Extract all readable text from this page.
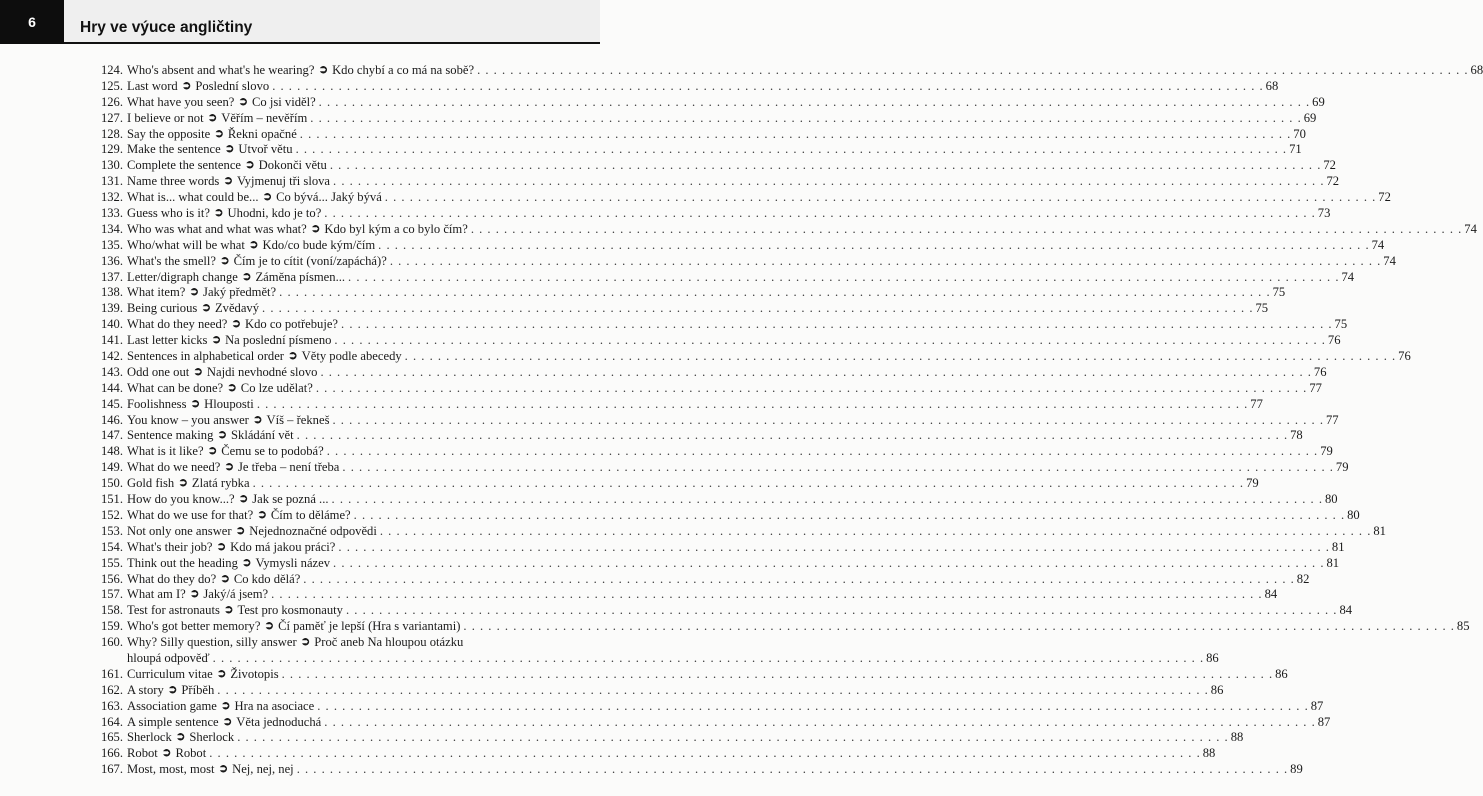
6	Hry ve výuce angličtiny
124. Who's absent and what's he wearing? ➲ Kdo chybí a co má na sobě? . . . . . . . . . . . . . . . . . . . . . . . . . . . . . . . . . . . . . . . . . . . . . . . . . . . . . . . . . . . . . . . . . . . . . . . . . . . . . . . . . . . . . . . . . . . . . . . . . . . . . . . . . . . . . . . . . . . . . . . . 68
125. Last word ➲ Poslední slovo . . . . . . . . . . . . . . . . . . . . . . . . . . . . . . . . . . . . . . . . . . . . . . . . . . . . . . . . . . . . . . . . . . . . . . . . . . . . . . . . . . . . . . . . . . . . . . . . . . . . . . . . . . . . . . . . . . . . . . . . 68
126. What have you seen? ➲ Co jsi viděl? . . . . . . . . . . . . . . . . . . . . . . . . . . . . . . . . . . . . . . . . . . . . . . . . . . . . . . . . . . . . . . . . . . . . . . . . . . . . . . . . . . . . . . . . . . . . . . . . . . . . . . . . . . . . . . . . . . . . . . . . 69
127. I believe or not ➲ Věřím – nevěřím . . . . . . . . . . . . . . . . . . . . . . . . . . . . . . . . . . . . . . . . . . . . . . . . . . . . . . . . . . . . . . . . . . . . . . . . . . . . . . . . . . . . . . . . . . . . . . . . . . . . . . . . . . . . . . . . . . . . . . . . 69
128. Say the opposite ➲ Řekni opačné . . . . . . . . . . . . . . . . . . . . . . . . . . . . . . . . . . . . . . . . . . . . . . . . . . . . . . . . . . . . . . . . . . . . . . . . . . . . . . . . . . . . . . . . . . . . . . . . . . . . . . . . . . . . . . . . . . . . . . . . 70
129. Make the sentence ➲ Utvoř větu . . . . . . . . . . . . . . . . . . . . . . . . . . . . . . . . . . . . . . . . . . . . . . . . . . . . . . . . . . . . . . . . . . . . . . . . . . . . . . . . . . . . . . . . . . . . . . . . . . . . . . . . . . . . . . . . . . . . . . . . 71
130. Complete the sentence ➲ Dokonči větu . . . . . . . . . . . . . . . . . . . . . . . . . . . . . . . . . . . . . . . . . . . . . . . . . . . . . . . . . . . . . . . . . . . . . . . . . . . . . . . . . . . . . . . . . . . . . . . . . . . . . . . . . . . . . . . . . . . . . . . . 72
131. Name three words ➲ Vyjmenuj tři slova . . . . . . . . . . . . . . . . . . . . . . . . . . . . . . . . . . . . . . . . . . . . . . . . . . . . . . . . . . . . . . . . . . . . . . . . . . . . . . . . . . . . . . . . . . . . . . . . . . . . . . . . . . . . . . . . . . . . . . . . 72
132. What is... what could be... ➲ Co bývá... Jaký bývá . . . . . . . . . . . . . . . . . . . . . . . . . . . . . . . . . . . . . . . . . . . . . . . . . . . . . . . . . . . . . . . . . . . . . . . . . . . . . . . . . . . . . . . . . . . . . . . . . . . . . . . . . . . . . . . . . . . . . . . . 72
133. Guess who is it? ➲ Uhodni, kdo je to? . . . . . . . . . . . . . . . . . . . . . . . . . . . . . . . . . . . . . . . . . . . . . . . . . . . . . . . . . . . . . . . . . . . . . . . . . . . . . . . . . . . . . . . . . . . . . . . . . . . . . . . . . . . . . . . . . . . . . . . . 73
134. Who was what and what was what? ➲ Kdo byl kým a co bylo čím? . . . . . . . . . . . . . . . . . . . . . . . . . . . . . . . . . . . . . . . . . . . . . . . . . . . . . . . . . . . . . . . . . . . . . . . . . . . . . . . . . . . . . . . . . . . . . . . . . . . . . . . . . . . . . . . . . . . . . . . . 74
135. Who/what will be what ➲ Kdo/co bude kým/čím . . . . . . . . . . . . . . . . . . . . . . . . . . . . . . . . . . . . . . . . . . . . . . . . . . . . . . . . . . . . . . . . . . . . . . . . . . . . . . . . . . . . . . . . . . . . . . . . . . . . . . . . . . . . . . . . . . . . . . . . 74
136. What's the smell? ➲ Čím je to cítit (voní/zapáchá)? . . . . . . . . . . . . . . . . . . . . . . . . . . . . . . . . . . . . . . . . . . . . . . . . . . . . . . . . . . . . . . . . . . . . . . . . . . . . . . . . . . . . . . . . . . . . . . . . . . . . . . . . . . . . . . . . . . . . . . . . 74
137. Letter/digraph change ➲ Záměna písmen... . . . . . . . . . . . . . . . . . . . . . . . . . . . . . . . . . . . . . . . . . . . . . . . . . . . . . . . . . . . . . . . . . . . . . . . . . . . . . . . . . . . . . . . . . . . . . . . . . . . . . . . . . . . . . . . . . . . . . . . . 74
138. What item? ➲ Jaký předmět? . . . . . . . . . . . . . . . . . . . . . . . . . . . . . . . . . . . . . . . . . . . . . . . . . . . . . . . . . . . . . . . . . . . . . . . . . . . . . . . . . . . . . . . . . . . . . . . . . . . . . . . . . . . . . . . . . . . . . . . . 75
139. Being curious ➲ Zvědavý . . . . . . . . . . . . . . . . . . . . . . . . . . . . . . . . . . . . . . . . . . . . . . . . . . . . . . . . . . . . . . . . . . . . . . . . . . . . . . . . . . . . . . . . . . . . . . . . . . . . . . . . . . . . . . . . . . . . . . . . 75
140. What do they need? ➲ Kdo co potřebuje? . . . . . . . . . . . . . . . . . . . . . . . . . . . . . . . . . . . . . . . . . . . . . . . . . . . . . . . . . . . . . . . . . . . . . . . . . . . . . . . . . . . . . . . . . . . . . . . . . . . . . . . . . . . . . . . . . . . . . . . . 75
141. Last letter kicks ➲ Na poslední písmeno . . . . . . . . . . . . . . . . . . . . . . . . . . . . . . . . . . . . . . . . . . . . . . . . . . . . . . . . . . . . . . . . . . . . . . . . . . . . . . . . . . . . . . . . . . . . . . . . . . . . . . . . . . . . . . . . . . . . . . . . 76
142. Sentences in alphabetical order ➲ Věty podle abecedy . . . . . . . . . . . . . . . . . . . . . . . . . . . . . . . . . . . . . . . . . . . . . . . . . . . . . . . . . . . . . . . . . . . . . . . . . . . . . . . . . . . . . . . . . . . . . . . . . . . . . . . . . . . . . . . . . . . . . . . . 76
143. Odd one out ➲ Najdi nevhodné slovo . . . . . . . . . . . . . . . . . . . . . . . . . . . . . . . . . . . . . . . . . . . . . . . . . . . . . . . . . . . . . . . . . . . . . . . . . . . . . . . . . . . . . . . . . . . . . . . . . . . . . . . . . . . . . . . . . . . . . . . . 76
144. What can be done? ➲ Co lze udělat? . . . . . . . . . . . . . . . . . . . . . . . . . . . . . . . . . . . . . . . . . . . . . . . . . . . . . . . . . . . . . . . . . . . . . . . . . . . . . . . . . . . . . . . . . . . . . . . . . . . . . . . . . . . . . . . . . . . . . . . . 77
145. Foolishness ➲ Hlouposti . . . . . . . . . . . . . . . . . . . . . . . . . . . . . . . . . . . . . . . . . . . . . . . . . . . . . . . . . . . . . . . . . . . . . . . . . . . . . . . . . . . . . . . . . . . . . . . . . . . . . . . . . . . . . . . . . . . . . . . . 77
146. You know – you answer ➲ Víš – řekneš . . . . . . . . . . . . . . . . . . . . . . . . . . . . . . . . . . . . . . . . . . . . . . . . . . . . . . . . . . . . . . . . . . . . . . . . . . . . . . . . . . . . . . . . . . . . . . . . . . . . . . . . . . . . . . . . . . . . . . . . 77
147. Sentence making ➲ Skládání vět . . . . . . . . . . . . . . . . . . . . . . . . . . . . . . . . . . . . . . . . . . . . . . . . . . . . . . . . . . . . . . . . . . . . . . . . . . . . . . . . . . . . . . . . . . . . . . . . . . . . . . . . . . . . . . . . . . . . . . . . 78
148. What is it like? ➲ Čemu se to podobá? . . . . . . . . . . . . . . . . . . . . . . . . . . . . . . . . . . . . . . . . . . . . . . . . . . . . . . . . . . . . . . . . . . . . . . . . . . . . . . . . . . . . . . . . . . . . . . . . . . . . . . . . . . . . . . . . . . . . . . . . 79
149. What do we need? ➲ Je třeba – není třeba . . . . . . . . . . . . . . . . . . . . . . . . . . . . . . . . . . . . . . . . . . . . . . . . . . . . . . . . . . . . . . . . . . . . . . . . . . . . . . . . . . . . . . . . . . . . . . . . . . . . . . . . . . . . . . . . . . . . . . . . 79
150. Gold fish ➲ Zlatá rybka . . . . . . . . . . . . . . . . . . . . . . . . . . . . . . . . . . . . . . . . . . . . . . . . . . . . . . . . . . . . . . . . . . . . . . . . . . . . . . . . . . . . . . . . . . . . . . . . . . . . . . . . . . . . . . . . . . . . . . . . 79
151. How do you know...? ➲ Jak se pozná ... . . . . . . . . . . . . . . . . . . . . . . . . . . . . . . . . . . . . . . . . . . . . . . . . . . . . . . . . . . . . . . . . . . . . . . . . . . . . . . . . . . . . . . . . . . . . . . . . . . . . . . . . . . . . . . . . . . . . . . . . 80
152. What do we use for that? ➲ Čím to děláme? . . . . . . . . . . . . . . . . . . . . . . . . . . . . . . . . . . . . . . . . . . . . . . . . . . . . . . . . . . . . . . . . . . . . . . . . . . . . . . . . . . . . . . . . . . . . . . . . . . . . . . . . . . . . . . . . . . . . . . . . 80
153. Not only one answer ➲ Nejednoznačné odpovědi . . . . . . . . . . . . . . . . . . . . . . . . . . . . . . . . . . . . . . . . . . . . . . . . . . . . . . . . . . . . . . . . . . . . . . . . . . . . . . . . . . . . . . . . . . . . . . . . . . . . . . . . . . . . . . . . . . . . . . . . 81
154. What's their job? ➲ Kdo má jakou práci? . . . . . . . . . . . . . . . . . . . . . . . . . . . . . . . . . . . . . . . . . . . . . . . . . . . . . . . . . . . . . . . . . . . . . . . . . . . . . . . . . . . . . . . . . . . . . . . . . . . . . . . . . . . . . . . . . . . . . . . . 81
155. Think out the heading ➲ Vymysli název . . . . . . . . . . . . . . . . . . . . . . . . . . . . . . . . . . . . . . . . . . . . . . . . . . . . . . . . . . . . . . . . . . . . . . . . . . . . . . . . . . . . . . . . . . . . . . . . . . . . . . . . . . . . . . . . . . . . . . . . 81
156. What do they do? ➲ Co kdo dělá? . . . . . . . . . . . . . . . . . . . . . . . . . . . . . . . . . . . . . . . . . . . . . . . . . . . . . . . . . . . . . . . . . . . . . . . . . . . . . . . . . . . . . . . . . . . . . . . . . . . . . . . . . . . . . . . . . . . . . . . . 82
157. What am I? ➲ Jaký/á jsem? . . . . . . . . . . . . . . . . . . . . . . . . . . . . . . . . . . . . . . . . . . . . . . . . . . . . . . . . . . . . . . . . . . . . . . . . . . . . . . . . . . . . . . . . . . . . . . . . . . . . . . . . . . . . . . . . . . . . . . . . 84
158. Test for astronauts ➲ Test pro kosmonauty . . . . . . . . . . . . . . . . . . . . . . . . . . . . . . . . . . . . . . . . . . . . . . . . . . . . . . . . . . . . . . . . . . . . . . . . . . . . . . . . . . . . . . . . . . . . . . . . . . . . . . . . . . . . . . . . . . . . . . . . 84
159. Who's got better memory? ➲ Čí paměť je lepší (Hra s variantami) . . . . . . . . . . . . . . . . . . . . . . . . . . . . . . . . . . . . . . . . . . . . . . . . . . . . . . . . . . . . . . . . . . . . . . . . . . . . . . . . . . . . . . . . . . . . . . . . . . . . . . . . . . . . . . . . . . . . . . . . 85
160. Why? Silly question, silly answer ➲ Proč aneb Na hloupou otázku
hloupá odpověď . . . . . . . . . . . . . . . . . . . . . . . . . . . . . . . . . . . . . . . . . . . . . . . . . . . . . . . . . . . . . . . . . . . . . . . . . . . . . . . . . . . . . . . . . . . . . . . . . . . . . . . . . . . . . . . . . . . . . . . . 86
161. Curriculum vitae ➲ Životopis . . . . . . . . . . . . . . . . . . . . . . . . . . . . . . . . . . . . . . . . . . . . . . . . . . . . . . . . . . . . . . . . . . . . . . . . . . . . . . . . . . . . . . . . . . . . . . . . . . . . . . . . . . . . . . . . . . . . . . . . 86
162. A story ➲ Příběh . . . . . . . . . . . . . . . . . . . . . . . . . . . . . . . . . . . . . . . . . . . . . . . . . . . . . . . . . . . . . . . . . . . . . . . . . . . . . . . . . . . . . . . . . . . . . . . . . . . . . . . . . . . . . . . . . . . . . . . . 86
163. Association game ➲ Hra na asociace . . . . . . . . . . . . . . . . . . . . . . . . . . . . . . . . . . . . . . . . . . . . . . . . . . . . . . . . . . . . . . . . . . . . . . . . . . . . . . . . . . . . . . . . . . . . . . . . . . . . . . . . . . . . . . . . . . . . . . . . 87
164. A simple sentence ➲ Věta jednoduchá . . . . . . . . . . . . . . . . . . . . . . . . . . . . . . . . . . . . . . . . . . . . . . . . . . . . . . . . . . . . . . . . . . . . . . . . . . . . . . . . . . . . . . . . . . . . . . . . . . . . . . . . . . . . . . . . . . . . . . . . 87
165. Sherlock ➲ Sherlock . . . . . . . . . . . . . . . . . . . . . . . . . . . . . . . . . . . . . . . . . . . . . . . . . . . . . . . . . . . . . . . . . . . . . . . . . . . . . . . . . . . . . . . . . . . . . . . . . . . . . . . . . . . . . . . . . . . . . . . . 88
166. Robot ➲ Robot . . . . . . . . . . . . . . . . . . . . . . . . . . . . . . . . . . . . . . . . . . . . . . . . . . . . . . . . . . . . . . . . . . . . . . . . . . . . . . . . . . . . . . . . . . . . . . . . . . . . . . . . . . . . . . . . . . . . . . . . 88
167. Most, most, most ➲ Nej, nej, nej . . . . . . . . . . . . . . . . . . . . . . . . . . . . . . . . . . . . . . . . . . . . . . . . . . . . . . . . . . . . . . . . . . . . . . . . . . . . . . . . . . . . . . . . . . . . . . . . . . . . . . . . . . . . . . . . . . . . . . . . 89
